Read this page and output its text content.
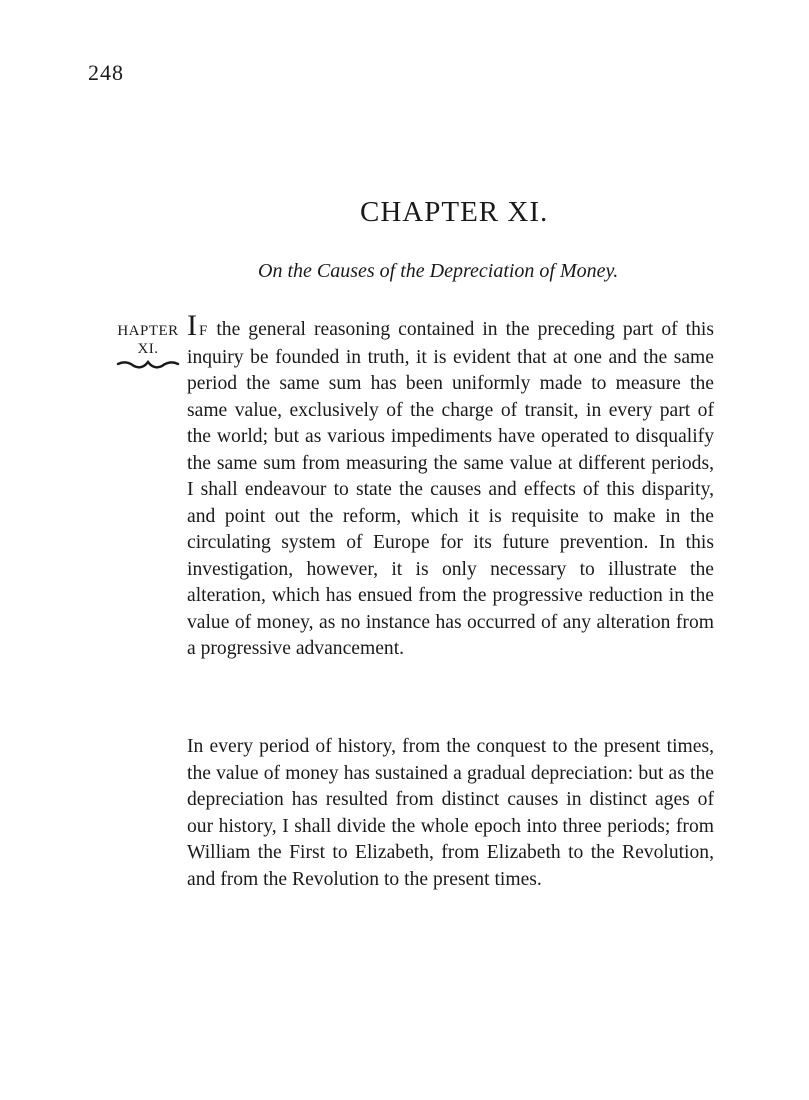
248
CHAPTER XI.
On the Causes of the Depreciation of Money.
HAPTER
XI.
I F the general reasoning contained in the preceding part of this inquiry be founded in truth, it is evident that at one and the same period the same sum has been uniformly made to measure the same value, exclusively of the charge of transit, in every part of the world; but as various impediments have operated to disqualify the same sum from measuring the same value at different periods, I shall endeavour to state the causes and effects of this disparity, and point out the reform, which it is requisite to make in the circulating system of Europe for its future prevention. In this investigation, however, it is only necessary to illustrate the alteration, which has ensued from the progressive reduction in the value of money, as no instance has occurred of any alteration from a progressive advancement.
In every period of history, from the conquest to the present times, the value of money has sustained a gradual depreciation: but as the depreciation has resulted from distinct causes in distinct ages of our history, I shall divide the whole epoch into three periods; from William the First to Elizabeth, from Elizabeth to the Revolution, and from the Revolution to the present times.
